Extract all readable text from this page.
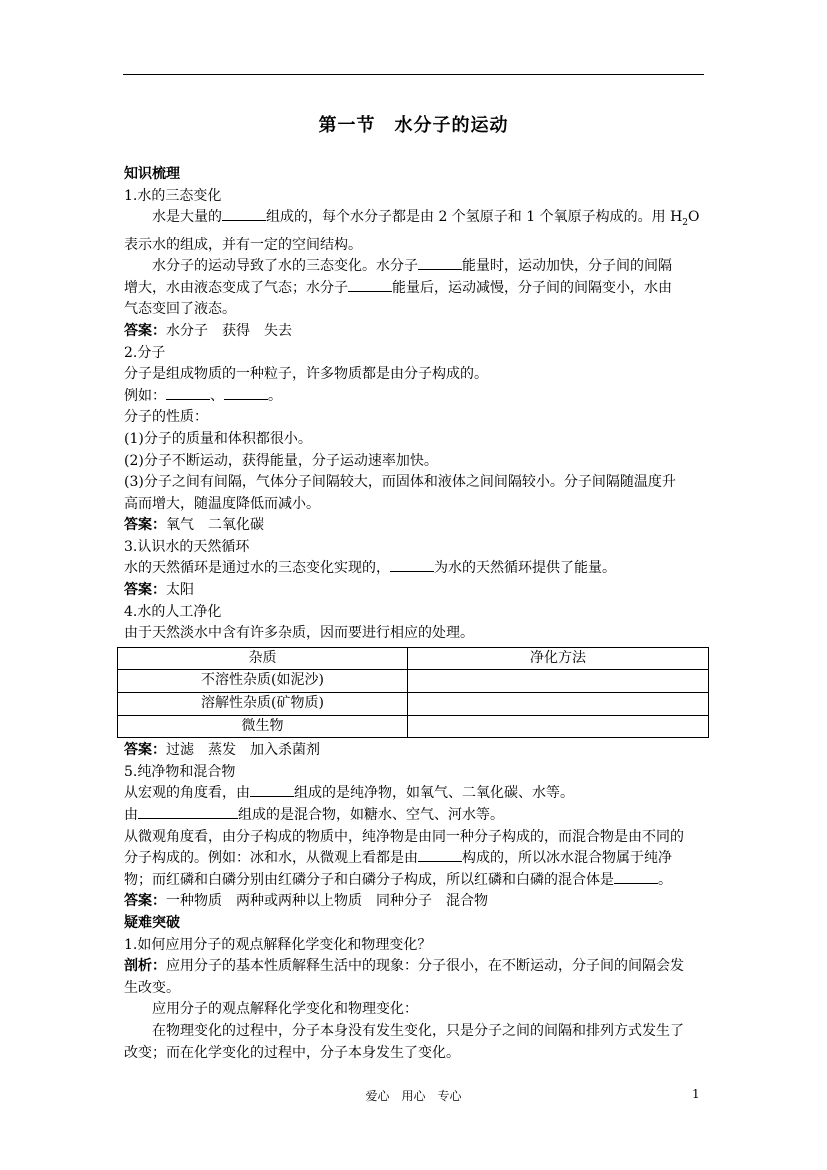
第一节　水分子的运动

知识梳理

1.水的三态变化

水是大量的	组成的，每个水分子都是由 2 个氢原子和 1 个氧原子构成的。用 $H_2O$

表示水的组成，并有一定的空间结构。

水分子的运动导致了水的三态变化。水分子	能量时，运动加快，分子间的间隔

增大，水由液态变成了气态；水分子	能量后，运动减慢，分子间的间隔变小，水由

气态变回了液态。

答案：水分子 获得 失去

2.分子

分子是组成物质的一种粒子，许多物质都是由分子构成的。

例如：	、	。

分子的性质：

(1)分子的质量和体积都很小。

(2)分子不断运动，获得能量，分子运动速率加快。

(3)分子之间有间隔，气体分子间隔较大，而固体和液体之间间隔较小。分子间隔随温度升

高而增大，随温度降低而减小。

答案：氧气 二氧化碳

3.认识水的天然循环

水的天然循环是通过水的三态变化实现的，	为水的天然循环提供了能量。

答案：太阳

4.水的人工净化

由于天然淡水中含有许多杂质，因而要进行相应的处理。

杂质	净化方法
不溶性杂质(如泥沙)	
溶解性杂质(矿物质)	
微生物	

答案：过滤 蒸发 加入杀菌剂

5.纯净物和混合物

从宏观的角度看，由	组成的是纯净物，如氧气、二氧化碳、水等。

由	组成的是混合物，如糖水、空气、河水等。

从微观角度看，由分子构成的物质中，纯净物是由同一种分子构成的，而混合物是由不同的

分子构成的。例如：冰和水，从微观上看都是由	构成的，所以冰水混合物属于纯净

物；而红磷和白磷分别由红磷分子和白磷分子构成，所以红磷和白磷的混合体是	。

答案：一种物质 两种或两种以上物质 同种分子 混合物

疑难突破

1.如何应用分子的观点解释化学变化和物理变化？

剖析：应用分子的基本性质解释生活中的现象：分子很小，在不断运动，分子间的间隔会发

生改变。

应用分子的观点解释化学变化和物理变化：

在物理变化的过程中，分子本身没有发生变化，只是分子之间的间隔和排列方式发生了

改变；而在化学变化的过程中，分子本身发生了变化。

爱心　用心　专心	1
